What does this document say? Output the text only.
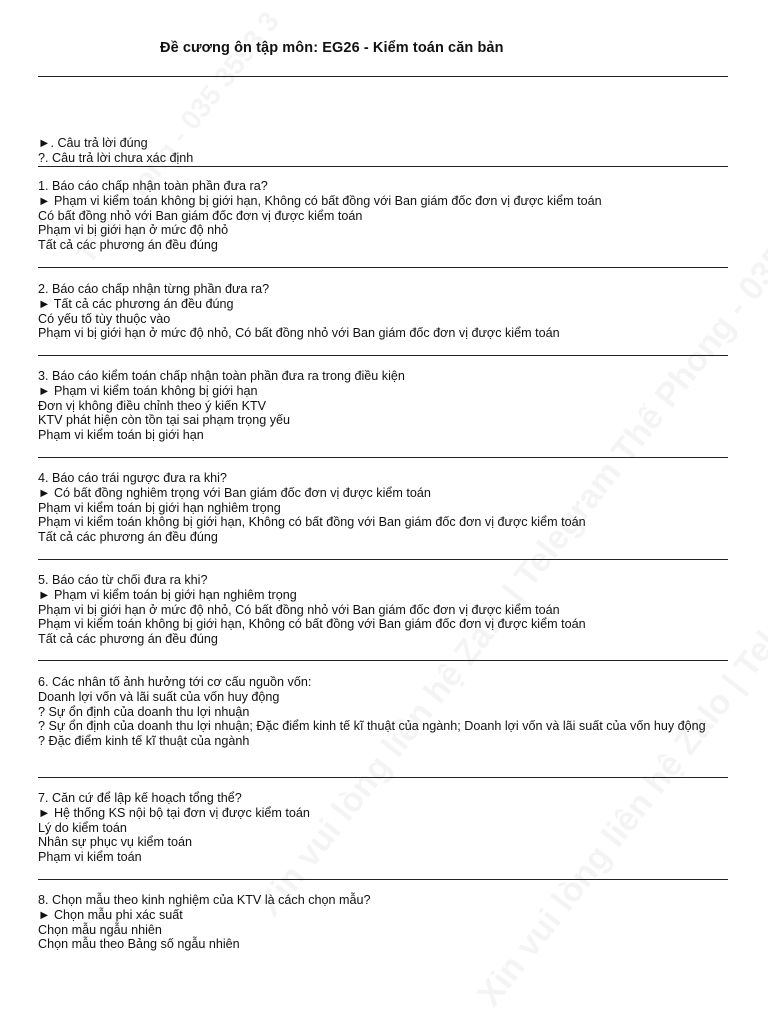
Đề cương ôn tập môn: EG26 - Kiểm toán căn bản
►. Câu trả lời đúng
?. Câu trả lời chưa xác định
1. Báo cáo chấp nhận toàn phần đưa ra?
► Phạm vi kiểm toán không bị giới hạn, Không có bất đồng với Ban giám đốc đơn vị được kiểm toán
Có bất đồng nhỏ với Ban giám đốc đơn vị được kiểm toán
Phạm vi bị giới hạn ở mức độ nhỏ
Tất cả các phương án đều đúng
2. Báo cáo chấp nhận từng phần đưa ra?
► Tất cả các phương án đều đúng
Có yếu tố tùy thuộc vào
Phạm vi bị giới hạn ở mức độ nhỏ, Có bất đồng nhỏ với Ban giám đốc đơn vị được kiểm toán
3. Báo cáo kiểm toán chấp nhận toàn phần đưa ra trong điều kiện
► Phạm vi kiểm toán không bị giới hạn
Đơn vị không điều chỉnh theo ý kiến KTV
KTV phát hiện còn tồn tại sai phạm trọng yếu
Phạm vi kiểm toán bị giới hạn
4. Báo cáo trái ngược đưa ra khi?
► Có bất đồng nghiêm trọng với Ban giám đốc đơn vị được kiểm toán
Phạm vi kiểm toán bị giới hạn nghiêm trọng
Phạm vi kiểm toán không bị giới hạn, Không có bất đồng với Ban giám đốc đơn vị được kiểm toán
Tất cả các phương án đều đúng
5. Báo cáo từ chối đưa ra khi?
► Phạm vi kiểm toán bị giới hạn nghiêm trọng
Phạm vi bị giới hạn ở mức độ nhỏ, Có bất đồng nhỏ với Ban giám đốc đơn vị được kiểm toán
Phạm vi kiểm toán không bị giới hạn, Không có bất đồng với Ban giám đốc đơn vị được kiểm toán
Tất cả các phương án đều đúng
6. Các nhân tố ảnh hưởng tới cơ cấu nguồn vốn:
Doanh lợi vốn và lãi suất của vốn huy động
? Sự ổn định của doanh thu lợi nhuận
? Sự ổn định của doanh thu lợi nhuận; Đặc điểm kinh tế kĩ thuật của ngành; Doanh lợi vốn và lãi suất của vốn huy động
? Đặc điểm kinh tế kĩ thuật của ngành
7. Căn cứ để lập kế hoạch tổng thể?
► Hệ thống KS nội bộ tại đơn vị được kiểm toán
Lý do kiểm toán
Nhân sự phục vụ kiểm toán
Phạm vi kiểm toán
8. Chọn mẫu theo kinh nghiệm của KTV là cách chọn mẫu?
► Chọn mẫu phi xác suất
Chọn mẫu ngẫu nhiên
Chọn mẫu theo Bảng số ngẫu nhiên
